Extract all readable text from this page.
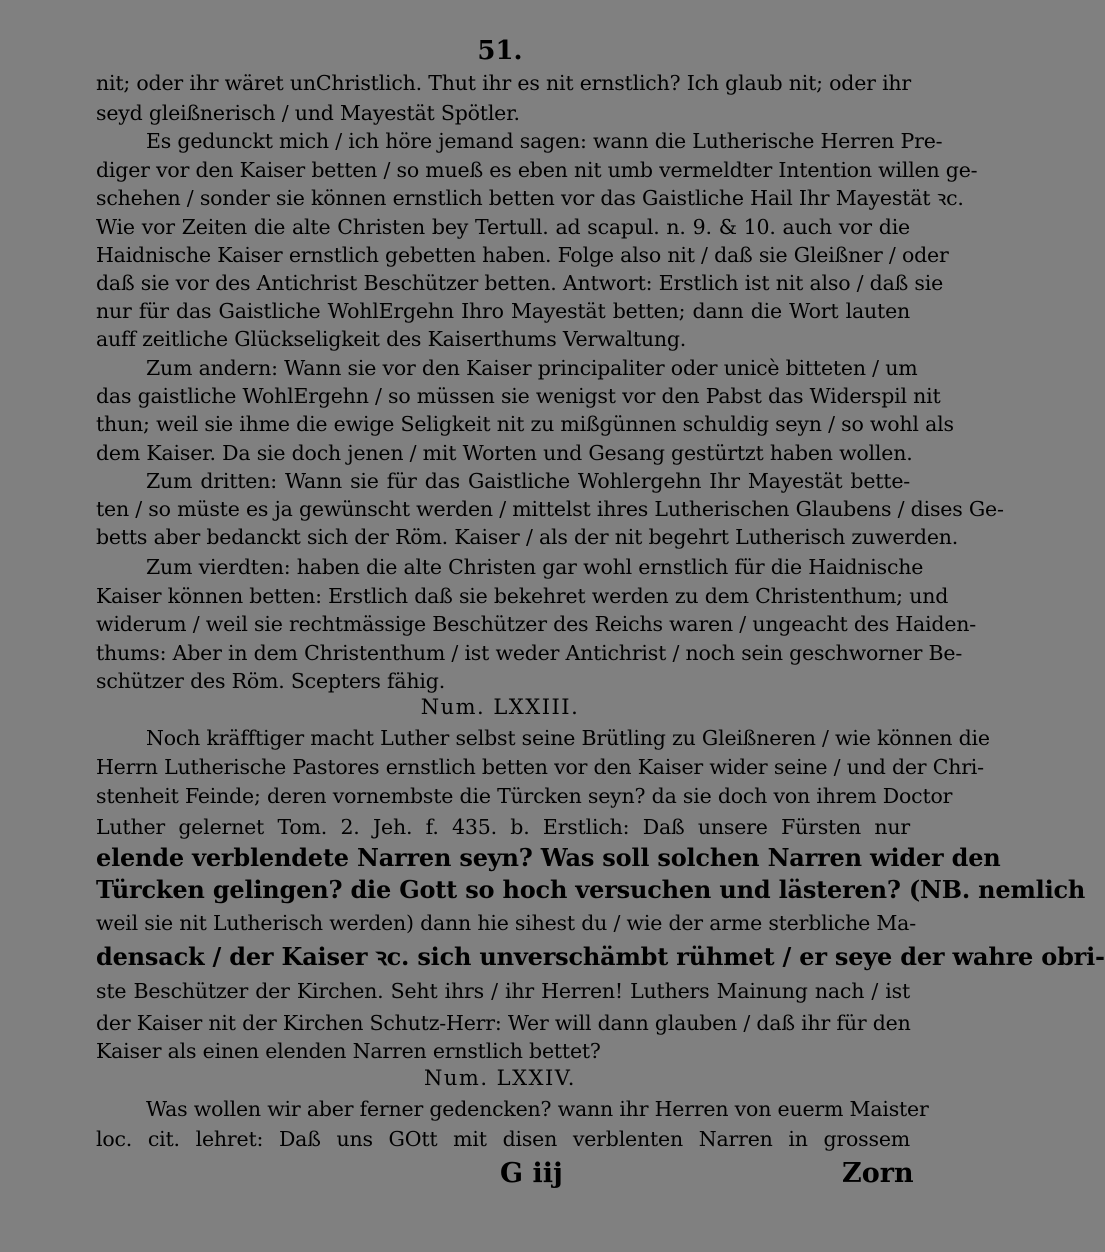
51.
nit; oder ihr wäret unChristlich. Thut ihr es nit ernstlich? Ich glaub nit; oder ihr
seyd gleißnerisch / und Mayestät Spötler.
Es gedunckt mich / ich höre jemand sagen: wann die Lutherische Herren Pre-
diger vor den Kaiser betten / so mueß es eben nit umb vermeldter Intention willen ge-
schehen / sonder sie können ernstlich betten vor das Gaistliche Hail Ihr Mayestät ꝛc.
Wie vor Zeiten die alte Christen bey Tertull. ad scapul. n. 9. & 10. auch vor die
Haidnische Kaiser ernstlich gebetten haben. Folge also nit / daß sie Gleißner / oder
daß sie vor des Antichrist Beschützer betten. Antwort: Erstlich ist nit also / daß sie
nur für das Gaistliche WohlErgehn Ihro Mayestät betten; dann die Wort lauten
auff zeitliche Glückseligkeit des Kaiserthums Verwaltung.
Zum andern: Wann sie vor den Kaiser principaliter oder unicè bitteten / um
das gaistliche WohlErgehn / so müssen sie wenigst vor den Pabst das Widerspil nit
thun; weil sie ihme die ewige Seligkeit nit zu mißgünnen schuldig seyn / so wohl als
dem Kaiser. Da sie doch jenen / mit Worten und Gesang gestürtzt haben wollen.
Zum dritten: Wann sie für das Gaistliche Wohlergehn Ihr Mayestät bette-
ten / so müste es ja gewünscht werden / mittelst ihres Lutherischen Glaubens / dises Ge-
betts aber bedanckt sich der Röm. Kaiser / als der nit begehrt Lutherisch zuwerden.
Zum vierdten: haben die alte Christen gar wohl ernstlich für die Haidnische
Kaiser können betten: Erstlich daß sie bekehret werden zu dem Christenthum; und
widerum / weil sie rechtmässige Beschützer des Reichs waren / ungeacht des Haiden-
thums: Aber in dem Christenthum / ist weder Antichrist / noch sein geschworner Be-
schützer des Röm. Scepters fähig.
Num. LXXIII.
Noch kräfftiger macht Luther selbst seine Brütling zu Gleißneren / wie können die
Herrn Lutherische Pastores ernstlich betten vor den Kaiser wider seine / und der Chri-
stenheit Feinde; deren vornembste die Türcken seyn? da sie doch von ihrem Doctor
Luther gelernet Tom. 2. Jeh. f. 435. b. Erstlich: Daß unsere Fürsten nur
elende verblendete Narren seyn? Was soll solchen Narren wider den
Türcken gelingen? die Gott so hoch versuchen und lästeren? (NB. nemlich
weil sie nit Lutherisch werden) dann hie sihest du / wie der arme sterbliche Ma-
densack / der Kaiser ꝛc. sich unverschämbt rühmet / er seye der wahre obri-
ste Beschützer der Kirchen. Seht ihrs / ihr Herren! Luthers Mainung nach / ist
der Kaiser nit der Kirchen Schutz-Herr: Wer will dann glauben / daß ihr für den
Kaiser als einen elenden Narren ernstlich bettet?
Num. LXXIV.
Was wollen wir aber ferner gedencken? wann ihr Herren von euerm Maister
loc. cit. lehret: Daß uns GOtt mit disen verblenten Narren in grossem
G iij	Zorn
